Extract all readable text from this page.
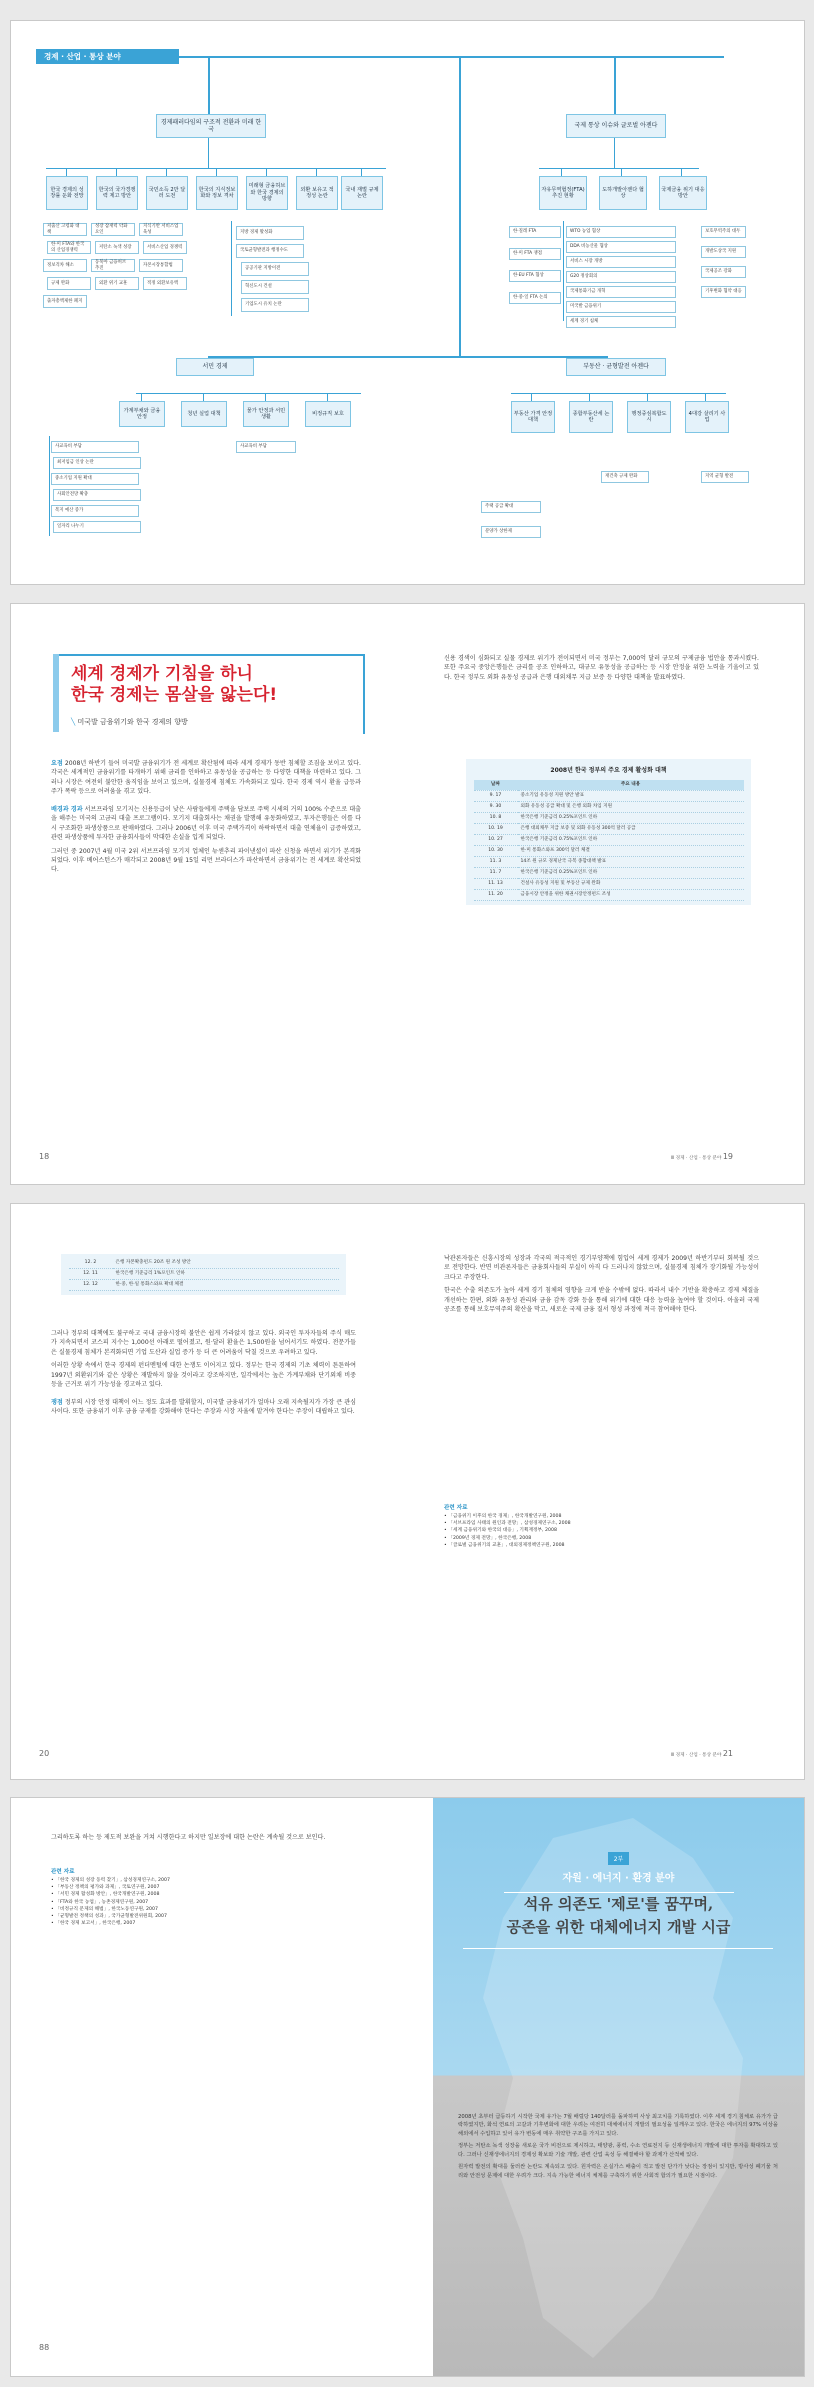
경제 · 산업 · 통상 분야
경제패러다임의 구조적 전환과 미래 한국
국제 통상 이슈와 글로벌 아젠다
한국 경제의 성장률 둔화 전망
한국의 국가경쟁력 제고 방안
국민소득 2만 달러 도전
한국의 지식정보화와 정보 격차
미래형 금융허브와 한국 경제의 방향
외환 보유고 적정성 논란
국내 재벌 규제 논란
저출산 고령화 대책
성장 잠재력 약화 요인
지식기반 서비스업 육성
한·미 FTA와 한국의 산업경쟁력
저탄소 녹색 성장	서비스산업 경쟁력
정보격차 해소
동북아 금융허브 추진
자본시장통합법
규제 완화	외환 위기 교훈	적정 외환보유액
출자총액제한 폐지
지방 경제 활성화
국토균형발전과 행정수도
공공기관 지방이전
혁신도시 건설
기업도시 유치 논란
자유무역협정(FTA) 추진 현황
도하개발아젠다 협상
국제금융 위기 대응 방안
한·칠레 FTA
한·미 FTA 쟁점
한·EU FTA 협상
한·중·일 FTA 논의
WTO 농업 협상
DDA 비농산물 협상
서비스 시장 개방
G20 정상회의
국제통화기금 개혁
미국발 금융위기
세계 경기 침체
보호무역주의 대두
개발도상국 지원
국제공조 강화
기후변화 협약 대응
서민 경제	부동산 · 균형발전 아젠다
가계부채와 금융 안정
청년 실업 대책
물가 안정과 서민 생활
비정규직 보호
사교육비 부담
최저임금 인상 논란
중소기업 지원 확대
사회안전망 확충
복지 예산 증가
일자리 나누기
사교육비 부담
부동산 가격 안정 대책
종합부동산세 논란
행정중심복합도시
4대강 살리기 사업
주택 공급 확대
분양가 상한제
재건축 규제 완화	지역 균형 발전
세계 경제가 기침을 하니
한국 경제는 몸살을 앓는다!
╲ 미국발 금융위기와 한국 경제의 향방

요점 2008년 하반기 들어 미국발 금융위기가 전 세계로 확산됨에 따라 세계 경제가 동반 침체할 조짐을 보이고 있다. 각국은 세계적인 금융위기를 타개하기 위해 금리를 인하하고 유동성을 공급하는 등 다양한 대책을 마련하고 있다. 그러나 시장은 여전히 불안한 움직임을 보이고 있으며, 실물경제 침체도 가속화되고 있다. 한국 경제 역시 환율 급등과 주가 폭락 등으로 어려움을 겪고 있다.

배경과 경과 서브프라임 모기지는 신용등급이 낮은 사람들에게 주택을 담보로 주택 시세의 거의 100% 수준으로 대출을 해주는 미국의 고금리 대출 프로그램이다. 모기지 대출회사는 채권을 발행해 유동화하였고, 투자은행들은 이를 다시 구조화한 파생상품으로 판매하였다. 그러나 2006년 이후 미국 주택가격이 하락하면서 대출 연체율이 급증하였고, 관련 파생상품에 투자한 금융회사들이 막대한 손실을 입게 되었다.

그러던 중 2007년 4월 미국 2위 서브프라임 모기지 업체인 뉴센추리 파이낸셜이 파산 신청을 하면서 위기가 본격화되었다. 이후 베어스턴스가 매각되고 2008년 9월 15일 리먼 브라더스가 파산하면서 금융위기는 전 세계로 확산되었다.

신용 경색이 심화되고 실물 경제로 위기가 전이되면서 미국 정부는 7,000억 달러 규모의 구제금융 법안을 통과시켰다. 또한 주요국 중앙은행들은 금리를 공조 인하하고, 대규모 유동성을 공급하는 등 시장 안정을 위한 노력을 기울이고 있다. 한국 정부도 외화 유동성 공급과 은행 대외채무 지급 보증 등 다양한 대책을 발표하였다.

2008년 한국 정부의 주요 경제 활성화 대책
날짜	주요 내용
9. 17	중소기업 유동성 지원 방안 발표
9. 30	외화 유동성 공급 확대 및 은행 외화 차입 지원
10. 8	한국은행 기준금리 0.25%포인트 인하
10. 19	은행 대외채무 지급 보증 및 외화 유동성 300억 달러 공급
10. 27	한국은행 기준금리 0.75%포인트 인하
10. 30	한·미 통화스와프 300억 달러 체결
11. 3	14조 원 규모 경제난국 극복 종합대책 발표
11. 7	한국은행 기준금리 0.25%포인트 인하
11. 13	건설사 유동성 지원 및 부동산 규제 완화
11. 20	금융시장 안정을 위한 채권시장안정펀드 조성
18	Ⅲ 경제 · 산업 · 통상 분야 19
12. 2	은행 자본확충펀드 20조 원 조성 방안
12. 11	한국은행 기준금리 1%포인트 인하
12. 12	한·중, 한·일 통화스와프 확대 체결

그러나 정부의 대책에도 불구하고 국내 금융시장의 불안은 쉽게 가라앉지 않고 있다. 외국인 투자자들의 주식 매도가 지속되면서 코스피 지수는 1,000선 아래로 떨어졌고, 원·달러 환율은 1,500원을 넘어서기도 하였다. 전문가들은 실물경제 침체가 본격화되면 기업 도산과 실업 증가 등 더 큰 어려움이 닥칠 것으로 우려하고 있다.

이러한 상황 속에서 한국 경제의 펀더멘털에 대한 논쟁도 이어지고 있다. 정부는 한국 경제의 기초 체력이 튼튼하여 1997년 외환위기와 같은 상황은 재발하지 않을 것이라고 강조하지만, 일각에서는 높은 가계부채와 단기외채 비중 등을 근거로 위기 가능성을 경고하고 있다.

쟁점 정부의 시장 안정 대책이 어느 정도 효과를 발휘할지, 미국발 금융위기가 얼마나 오래 지속될지가 가장 큰 관심사이다. 또한 금융위기 이후 금융 규제를 강화해야 한다는 주장과 시장 자율에 맡겨야 한다는 주장이 대립하고 있다.

낙관론자들은 신흥시장의 성장과 각국의 적극적인 경기부양책에 힘입어 세계 경제가 2009년 하반기부터 회복될 것으로 전망한다. 반면 비관론자들은 금융회사들의 부실이 아직 다 드러나지 않았으며, 실물경제 침체가 장기화될 가능성이 크다고 주장한다.

한국은 수출 의존도가 높아 세계 경기 침체의 영향을 크게 받을 수밖에 없다. 따라서 내수 기반을 확충하고 경제 체질을 개선하는 한편, 외화 유동성 관리와 금융 감독 강화 등을 통해 위기에 대한 대응 능력을 높여야 할 것이다. 아울러 국제 공조를 통해 보호무역주의 확산을 막고, 새로운 국제 금융 질서 형성 과정에 적극 참여해야 한다.

관련 자료
• 「금융위기 이후의 한국 경제」, 한국개발연구원, 2008
• 「서브프라임 사태의 원인과 전망」, 삼성경제연구소, 2008
• 「세계 금융위기와 한국의 대응」, 기획재정부, 2008
• 「2009년 경제 전망」, 한국은행, 2008
• 「글로벌 금융위기의 교훈」, 대외경제정책연구원, 2008
20	Ⅲ 경제 · 산업 · 통상 분야 21

그리하도록 하는 등 제도적 보완을 거쳐 시행한다고 하지만 일보장에 대한 논란은 계속될 것으로 보인다.

관련 자료
• 「한국 경제의 성장 동력 찾기」, 삼성경제연구소, 2007
• 「부동산 정책의 평가와 과제」, 국토연구원, 2007
• 「서민 경제 활성화 방안」, 한국개발연구원, 2008
• 「FTA와 한국 농업」, 농촌경제연구원, 2007
• 「비정규직 문제의 해법」, 한국노동연구원, 2007
• 「균형발전 정책의 성과」, 국가균형발전위원회, 2007
• 「한국 경제 보고서」, 한국은행, 2007
88
2부
자원 · 에너지 · 환경 분야
석유 의존도 '제로'를 꿈꾸며,
공존을 위한 대체에너지 개발 시급

2008년 초부터 급등하기 시작한 국제 유가는 7월 배럴당 140달러를 돌파하며 사상 최고치를 기록하였다. 이후 세계 경기 침체로 유가가 급락하였지만, 화석 연료의 고갈과 기후변화에 대한 우려는 여전히 대체에너지 개발의 필요성을 일깨우고 있다. 한국은 에너지의 97% 이상을 해외에서 수입하고 있어 유가 변동에 매우 취약한 구조를 가지고 있다.

정부는 저탄소 녹색 성장을 새로운 국가 비전으로 제시하고, 태양광, 풍력, 수소 연료전지 등 신재생에너지 개발에 대한 투자를 확대하고 있다. 그러나 신재생에너지의 경제성 확보와 기술 개발, 관련 산업 육성 등 해결해야 할 과제가 산적해 있다.

원자력 발전의 확대를 둘러싼 논란도 계속되고 있다. 원자력은 온실가스 배출이 적고 발전 단가가 낮다는 장점이 있지만, 방사성 폐기물 처리와 안전성 문제에 대한 우려가 크다. 지속 가능한 에너지 체계를 구축하기 위한 사회적 합의가 필요한 시점이다.
